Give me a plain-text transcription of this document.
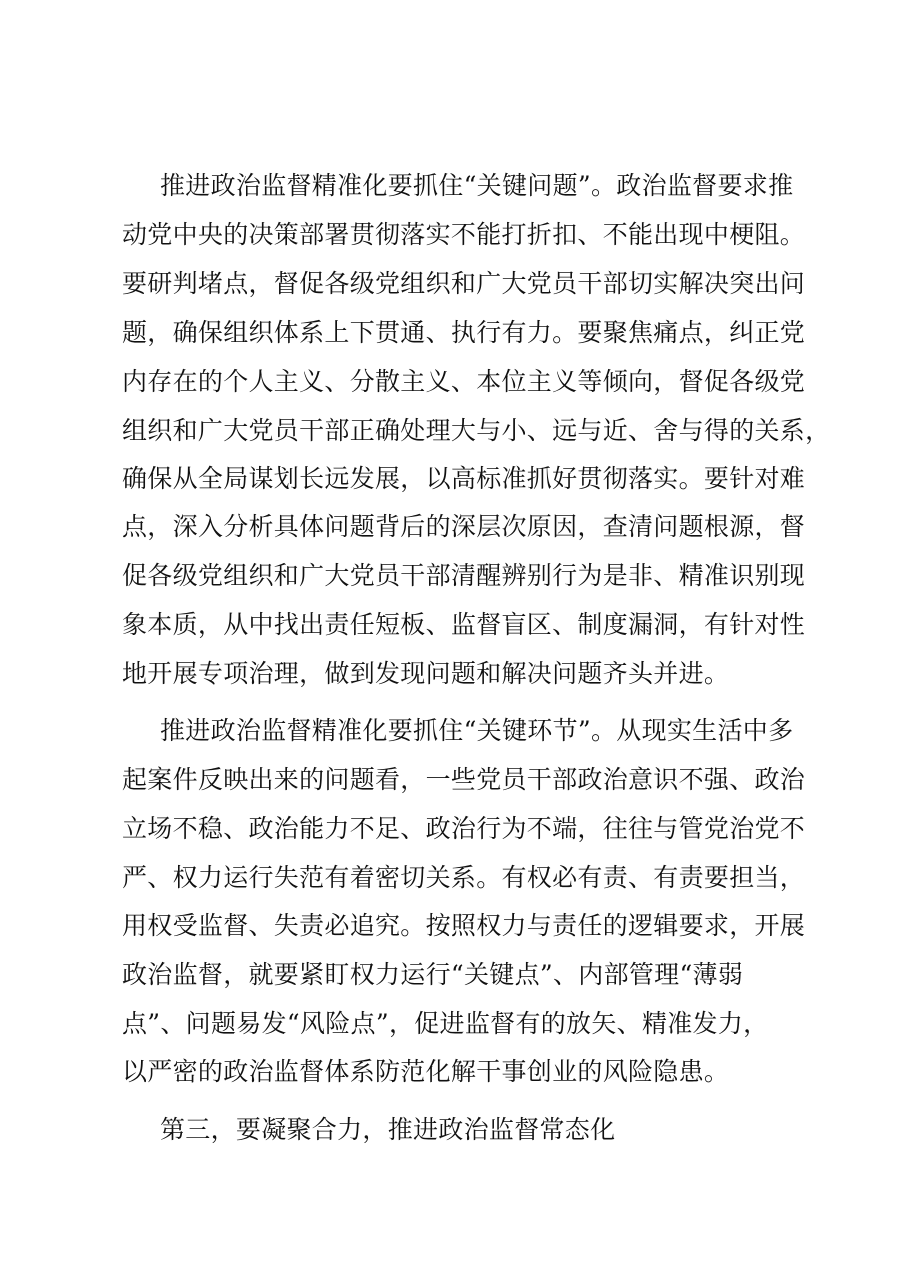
推进政治监督精准化要抓住“关键问题”。政治监督要求推
动党中央的决策部署贯彻落实不能打折扣、不能出现中梗阻。
要研判堵点，督促各级党组织和广大党员干部切实解决突出问
题，确保组织体系上下贯通、执行有力。要聚焦痛点，纠正党
内存在的个人主义、分散主义、本位主义等倾向，督促各级党
组织和广大党员干部正确处理大与小、远与近、舍与得的关系，
确保从全局谋划长远发展，以高标准抓好贯彻落实。要针对难
点，深入分析具体问题背后的深层次原因，查清问题根源，督
促各级党组织和广大党员干部清醒辨别行为是非、精准识别现
象本质，从中找出责任短板、监督盲区、制度漏洞，有针对性
地开展专项治理，做到发现问题和解决问题齐头并进。
推进政治监督精准化要抓住“关键环节”。从现实生活中多
起案件反映出来的问题看，一些党员干部政治意识不强、政治
立场不稳、政治能力不足、政治行为不端，往往与管党治党不
严、权力运行失范有着密切关系。有权必有责、有责要担当，
用权受监督、失责必追究。按照权力与责任的逻辑要求，开展
政治监督，就要紧盯权力运行“关键点”、内部管理“薄弱
点”、问题易发“风险点”，促进监督有的放矢、精准发力，
以严密的政治监督体系防范化解干事创业的风险隐患。
第三，要凝聚合力，推进政治监督常态化
